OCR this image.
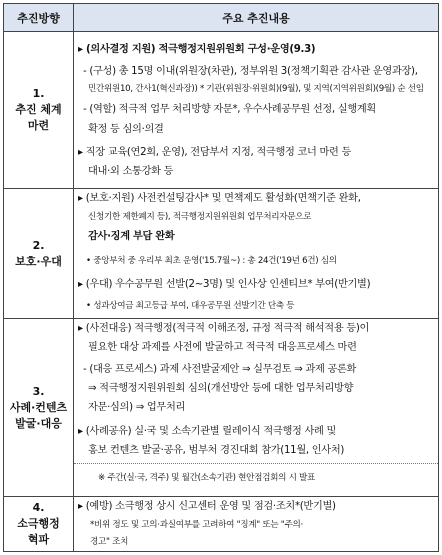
추진방향	주요 추진내용
1.
추진 체계
마련
▸ (의사결정 지원) 적극행정지원위원회 구성·운영(9.3)
- (구성) 총 15명 이내(위원장(차관), 정부위원 3(정책기획관 감사관 운영과장),
민간위원10, 간사1(혁신과장)) * 기관(위원장·위원회)(9월), 및 지역(지역위원회)(9월) 순 선임
- (역할) 적극적 업무 처리방향 자문*, 우수사례공무원 선정, 실행계획
확정 등 심의·의결
▸ 직장 교육(연2회, 운영), 전담부서 지정, 적극행정 코너 마련 등
대내·외 소통강화 등
2.
보호·우대
▸ (보호·지원) 사전컨설팅감사* 및 면책제도 활성화(면책기준 완화,
신청기한 제한폐지 등), 적극행정지원위원회 업무처리자문으로
감사·징계 부담 완화
• 중앙부처 중 우리부 최초 운영('15.7월~) : 총 24건('19년 6건) 심의
▸ (우대) 우수공무원 선발(2~3명) 및 인사상 인센티브* 부여(반기별)
• 성과상여금 최고등급 부여, 대우공무원 선발기간 단축 등
3.
사례·컨텐츠
발굴·대응
▸ (사전대응) 적극행정(적극적 이해조정, 규정 적극적 해석적용 등)이
필요한 대상 과제를 사전에 발굴하고 적극적 대응프로세스 마련
- (대응 프로세스) 과제 사전발굴제안 ⇒ 실무검토 ⇒ 과제 공론화
⇒ 적극행정지원위원회 심의(개선방안 등에 대한 업무처리방향
자문·심의) ⇒ 업무처리
▸ (사례공유) 실·국 및 소속기관별 릴레이식 적극행정 사례 및
홍보 컨텐츠 발굴·공유, 범부처 경진대회 참가(11월, 인사처)
※ 주간(실·국, 격주) 및 월간(소속기관) 현안점검회의 시 발표
4.
소극행정
혁파
▸ (예방) 소극행정 상시 신고센터 운영 및 점검·조치*(반기별)
*비위 정도 및 고의·과실여부를 고려하여 "징계" 또는 "주의·
경고" 조치
